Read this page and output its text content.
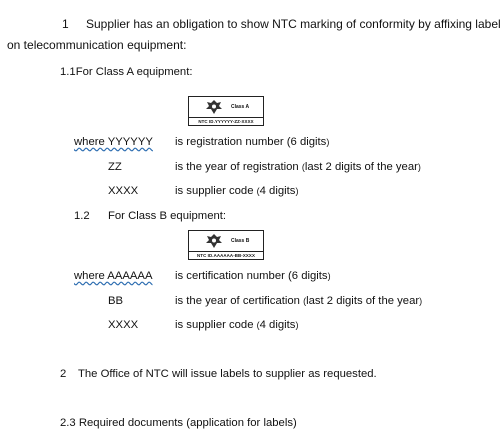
1 Supplier has an obligation to show NTC marking of conformity by affixing label
on telecommunication equipment:
1.1For Class A equipment:
Class A
NTC ID.YYYYYY-ZZ-XXXX
where YYYYYY is registration number (6 digits)
ZZ	is the year of registration (last 2 digits of the year)
XXXX	is supplier code (4 digits)
1.2 For Class B equipment:
Class B
NTC ID.AAAAAA-BB-XXXX
where AAAAAA is certification number (6 digits)
BB	is the year of certification (last 2 digits of the year)
XXXX	is supplier code (4 digits)
2 The Office of NTC will issue labels to supplier as requested.
2.3 Required documents (application for labels)
